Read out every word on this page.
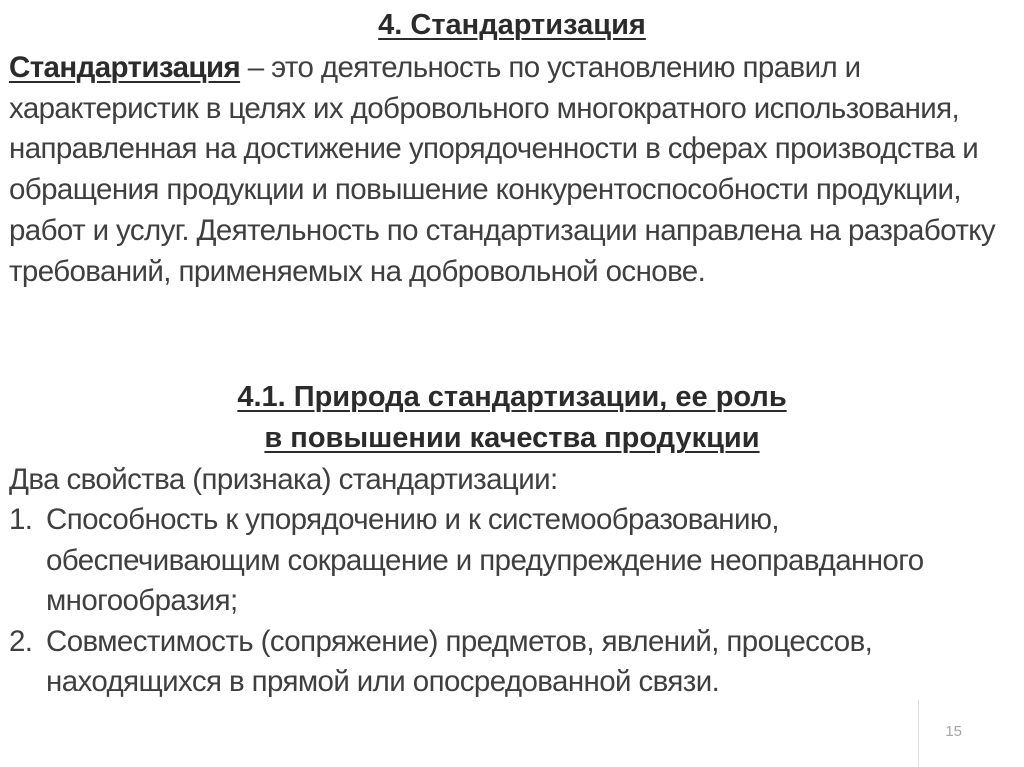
4. Стандартизация

Стандартизация – это деятельность по установлению правил и характеристик в целях их добровольного многократного использования, направленная на достижение упорядоченности в сферах производства и обращения продукции и повышение конкурентоспособности продукции, работ и услуг. Деятельность по стандартизации направлена на разработку требований, применяемых на добровольной основе.

4.1. Природа стандартизации, ее роль
в повышении качества продукции

Два свойства (признака) стандартизации:

1. Способность к упорядочению и к системообразованию, обеспечивающим сокращение и предупреждение неоправданного многообразия;
2. Совместимость (сопряжение) предметов, явлений, процессов, находящихся в прямой или опосредованной связи.
15
